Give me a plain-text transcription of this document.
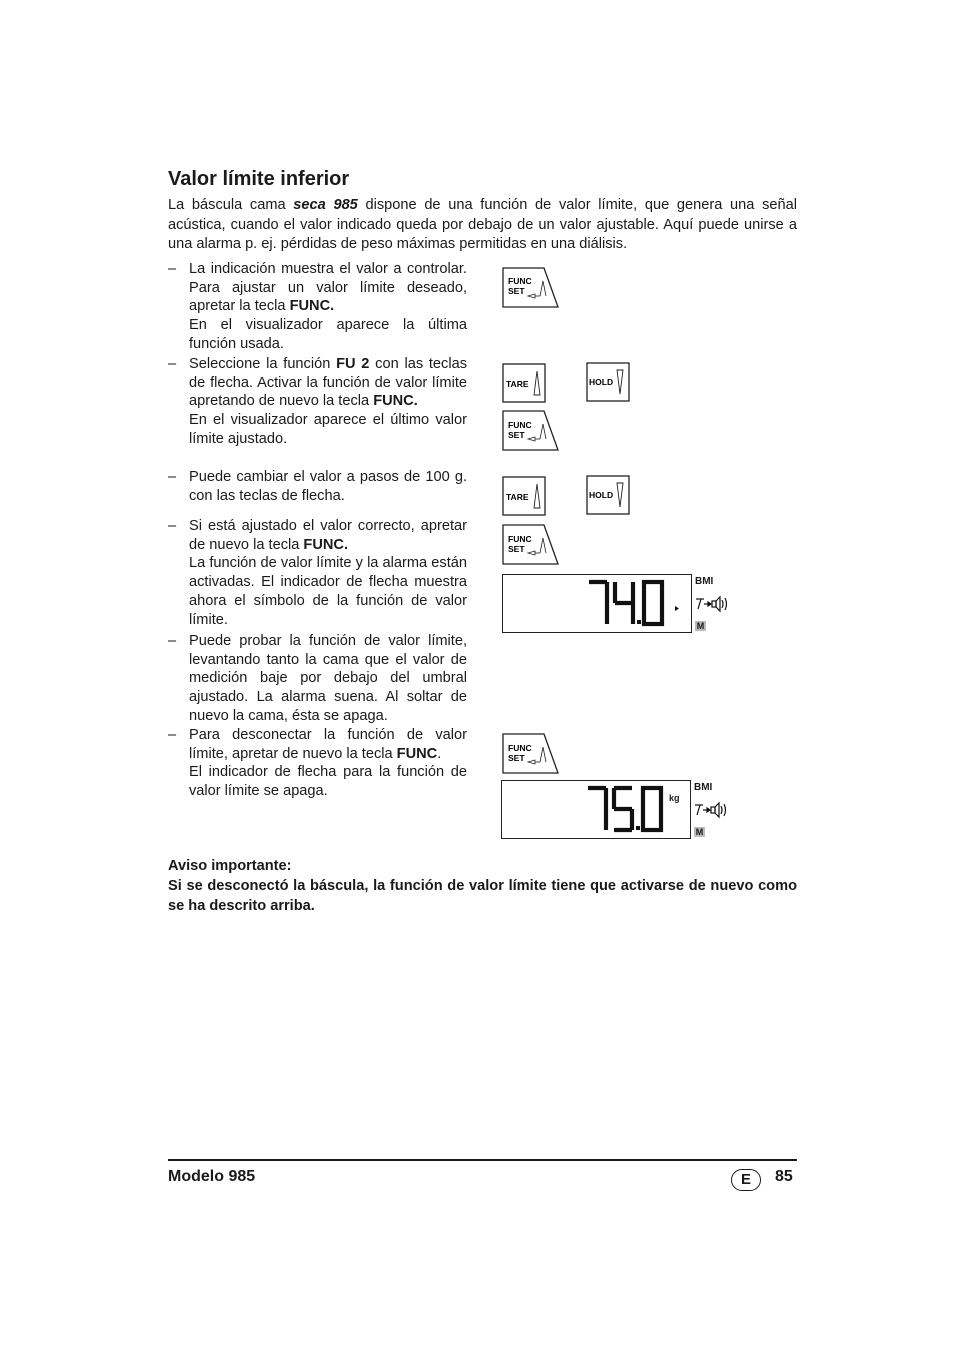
Valor límite inferior
La báscula cama seca 985 dispone de una función de valor límite, que genera una señal acústica, cuando el valor indicado queda por debajo de un valor ajustable. Aquí puede unirse a una alarma p. ej. pérdidas de peso máximas permitidas en una diálisis.
– La indicación muestra el valor a controlar. Para ajustar un valor límite deseado, apretar la tecla FUNC.
En el visualizador aparece la última función usada.
– Seleccione la función FU 2 con las teclas de flecha. Activar la función de valor límite apretando de nuevo la tecla FUNC.
En el visualizador aparece el último valor límite ajustado.
– Puede cambiar el valor a pasos de 100 g. con las teclas de flecha.
– Si está ajustado el valor correcto, apretar de nuevo la tecla FUNC.
La función de valor límite y la alarma están activadas. El indicador de flecha muestra ahora el símbolo de la función de valor límite.
– Puede probar la función de valor límite, levantando tanto la cama que el valor de medición baje por debajo del umbral ajustado. La alarma suena. Al soltar de nuevo la cama, ésta se apaga.
– Para desconectar la función de valor límite, apretar de nuevo la tecla FUNC.
El indicador de flecha para la función de valor límite se apaga.
FUNC
SET
TARE	HOLD
FUNC
SET
TARE	HOLD
FUNC
SET
BMI
M
FUNC
SET
kg
BMI
M
Aviso importante:
Si se desconectó la báscula, la función de valor límite tiene que activarse de nuevo como se ha descrito arriba.
Modelo 985	E	85
